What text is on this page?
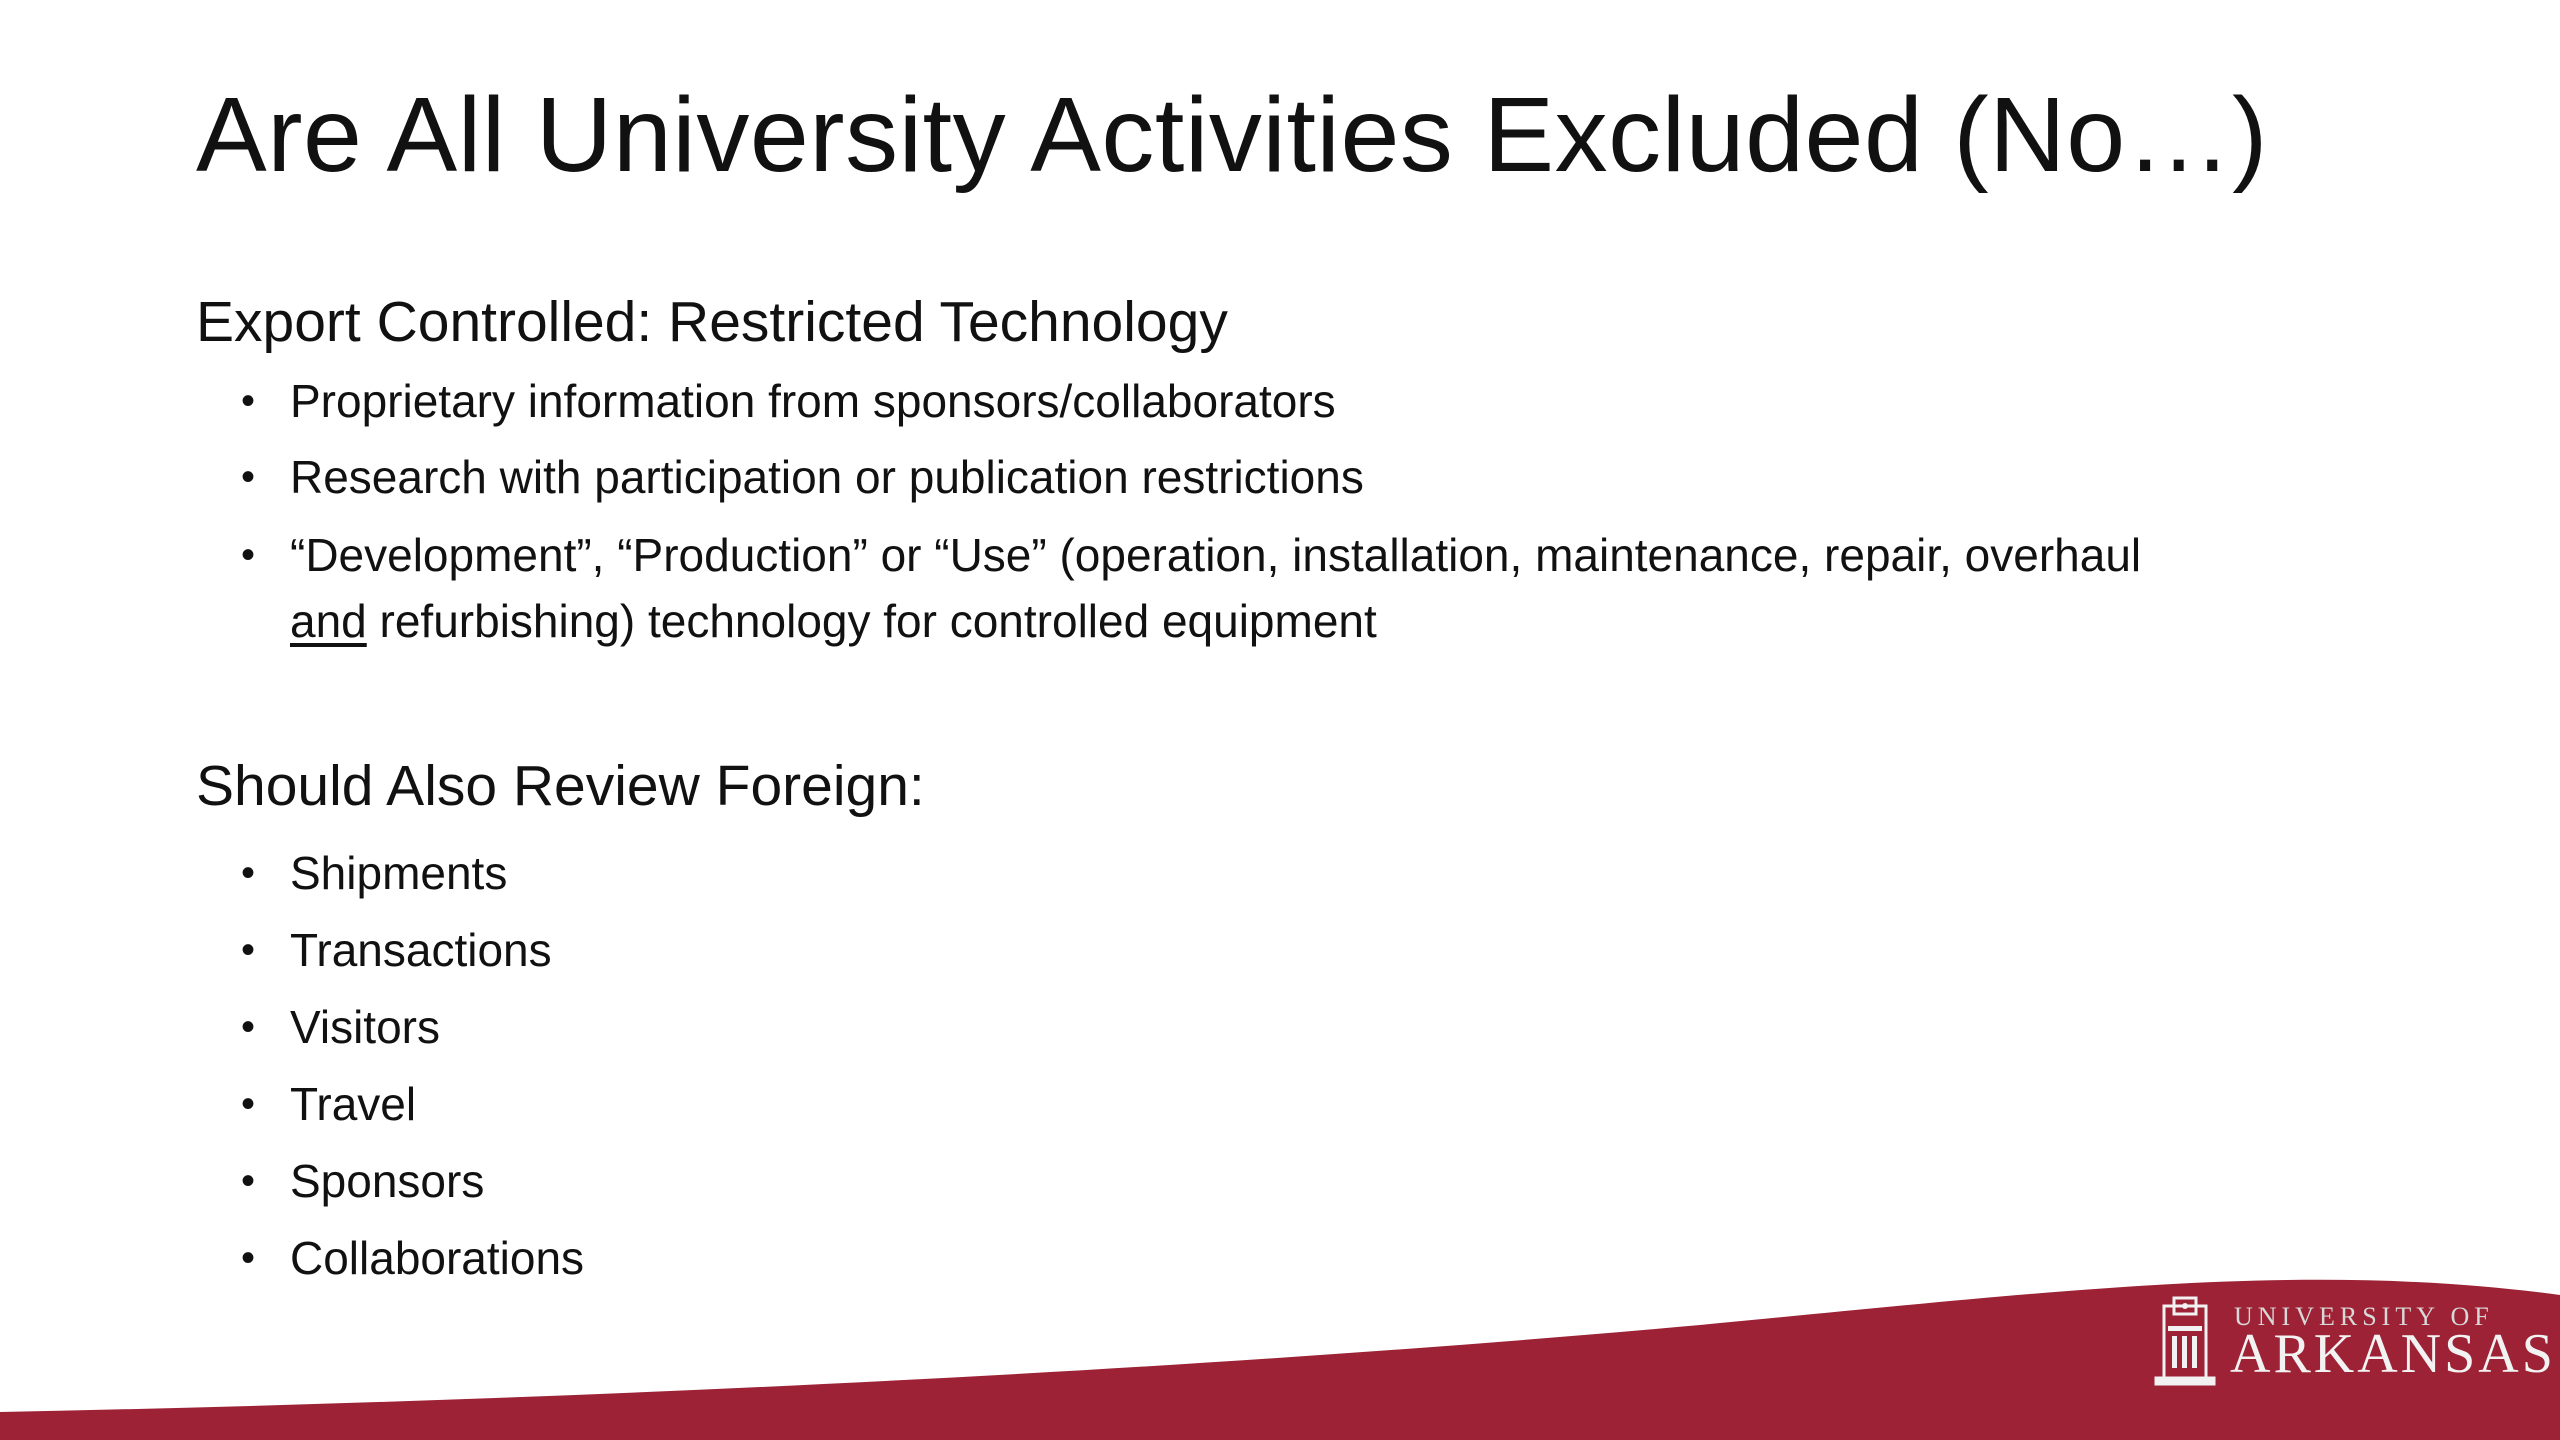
Are All University Activities Excluded (No…)
Export Controlled: Restricted Technology
• Proprietary information from sponsors/collaborators
• Research with participation or publication restrictions
• “Development”, “Production” or “Use” (operation, installation, maintenance, repair, overhaul and refurbishing) technology for controlled equipment
Should Also Review Foreign:
• Shipments
• Transactions
• Visitors
• Travel
• Sponsors
• Collaborations
UNIVERSITY OF
ARKANSAS
